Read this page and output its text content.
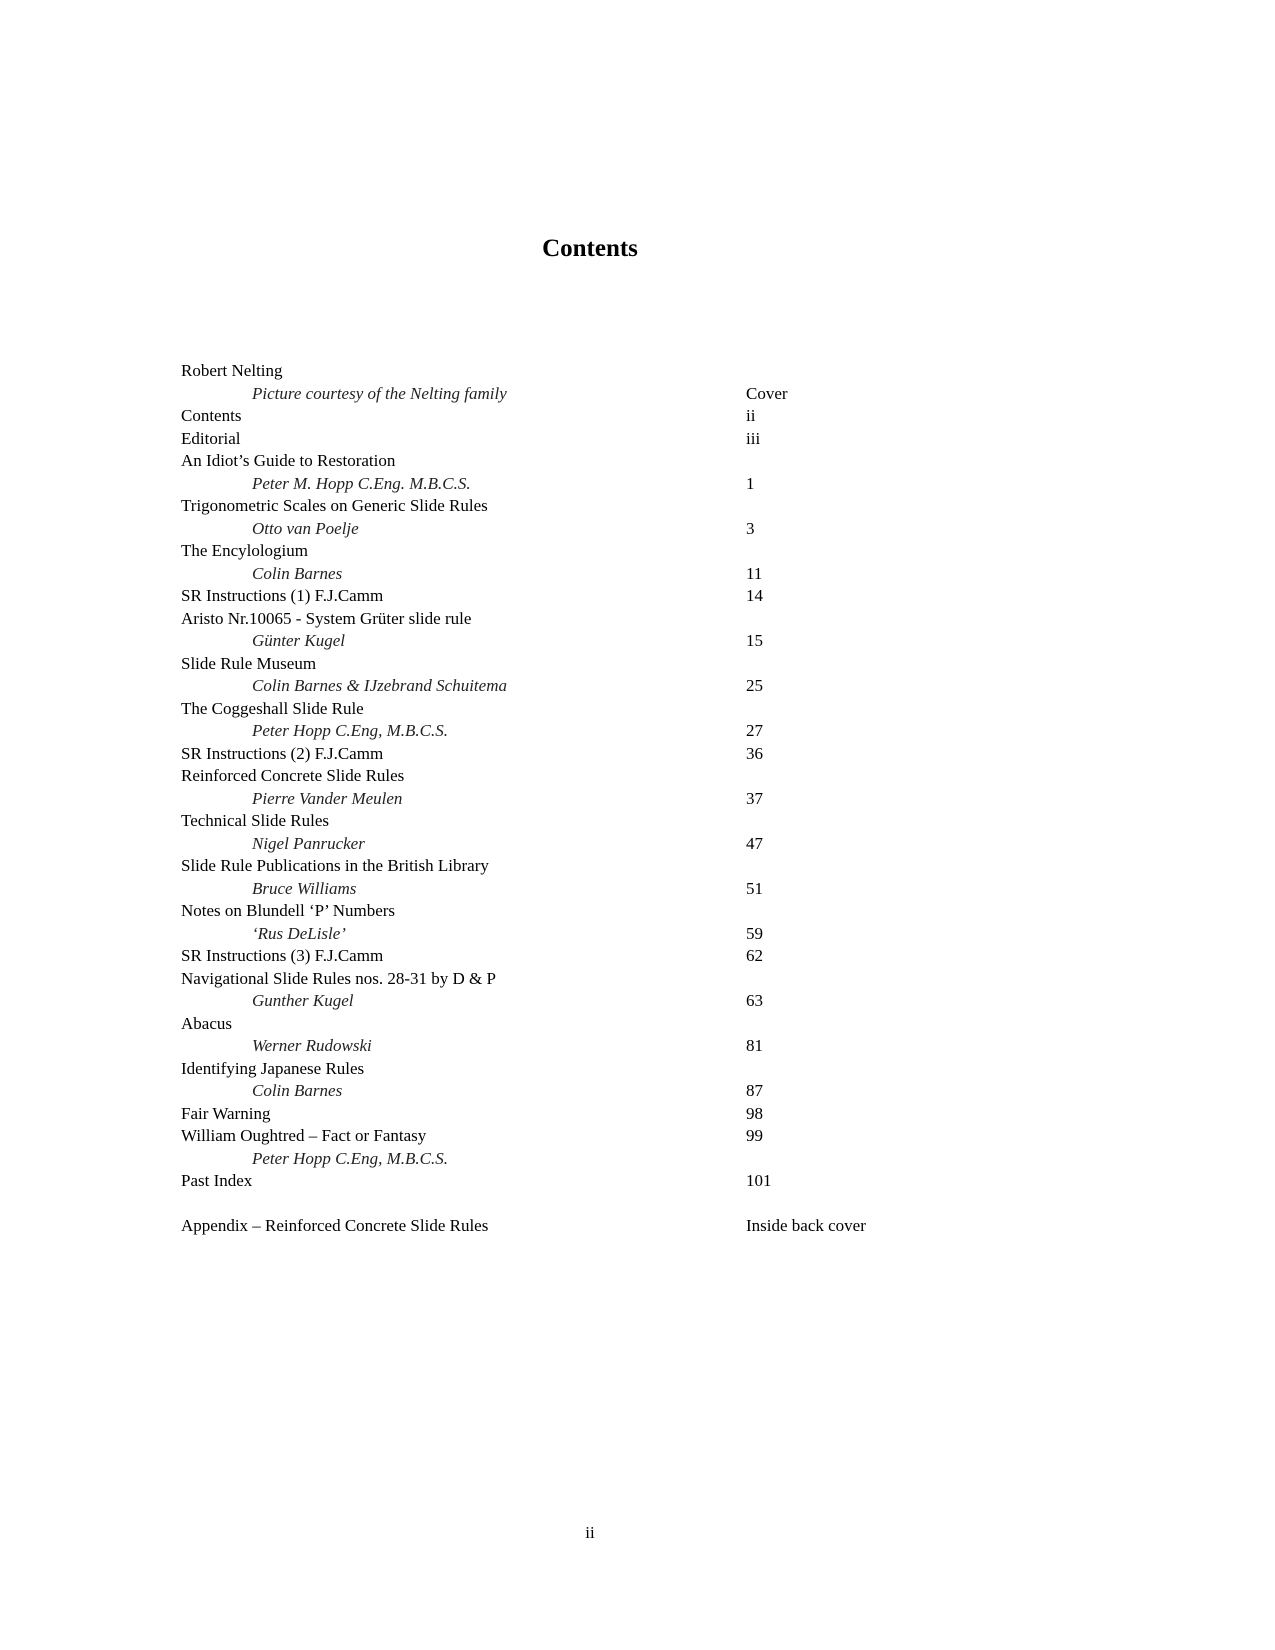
Contents
Robert Nelting
Picture courtesy of the Nelting family	Cover
Contents	ii
Editorial	iii
An Idiot’s Guide to Restoration
Peter M. Hopp C.Eng. M.B.C.S.	1
Trigonometric Scales on Generic Slide Rules
Otto van Poelje	3
The Encylologium
Colin Barnes	11
SR Instructions (1) F.J.Camm	14
Aristo Nr.10065 - System Grüter slide rule
Günter Kugel	15
Slide Rule Museum
Colin Barnes & IJzebrand Schuitema	25
The Coggeshall Slide Rule
Peter Hopp C.Eng, M.B.C.S.	27
SR Instructions (2) F.J.Camm	36
Reinforced Concrete Slide Rules
Pierre Vander Meulen	37
Technical Slide Rules
Nigel Panrucker	47
Slide Rule Publications in the British Library
Bruce Williams	51
Notes on Blundell ‘P’ Numbers
‘Rus DeLisle’	59
SR Instructions (3) F.J.Camm	62
Navigational Slide Rules nos. 28-31 by D & P
Gunther Kugel	63
Abacus
Werner Rudowski	81
Identifying Japanese Rules
Colin Barnes	87
Fair Warning	98
William Oughtred – Fact or Fantasy	99
Peter Hopp C.Eng, M.B.C.S.
Past Index	101
Appendix – Reinforced Concrete Slide Rules	Inside back cover
ii
